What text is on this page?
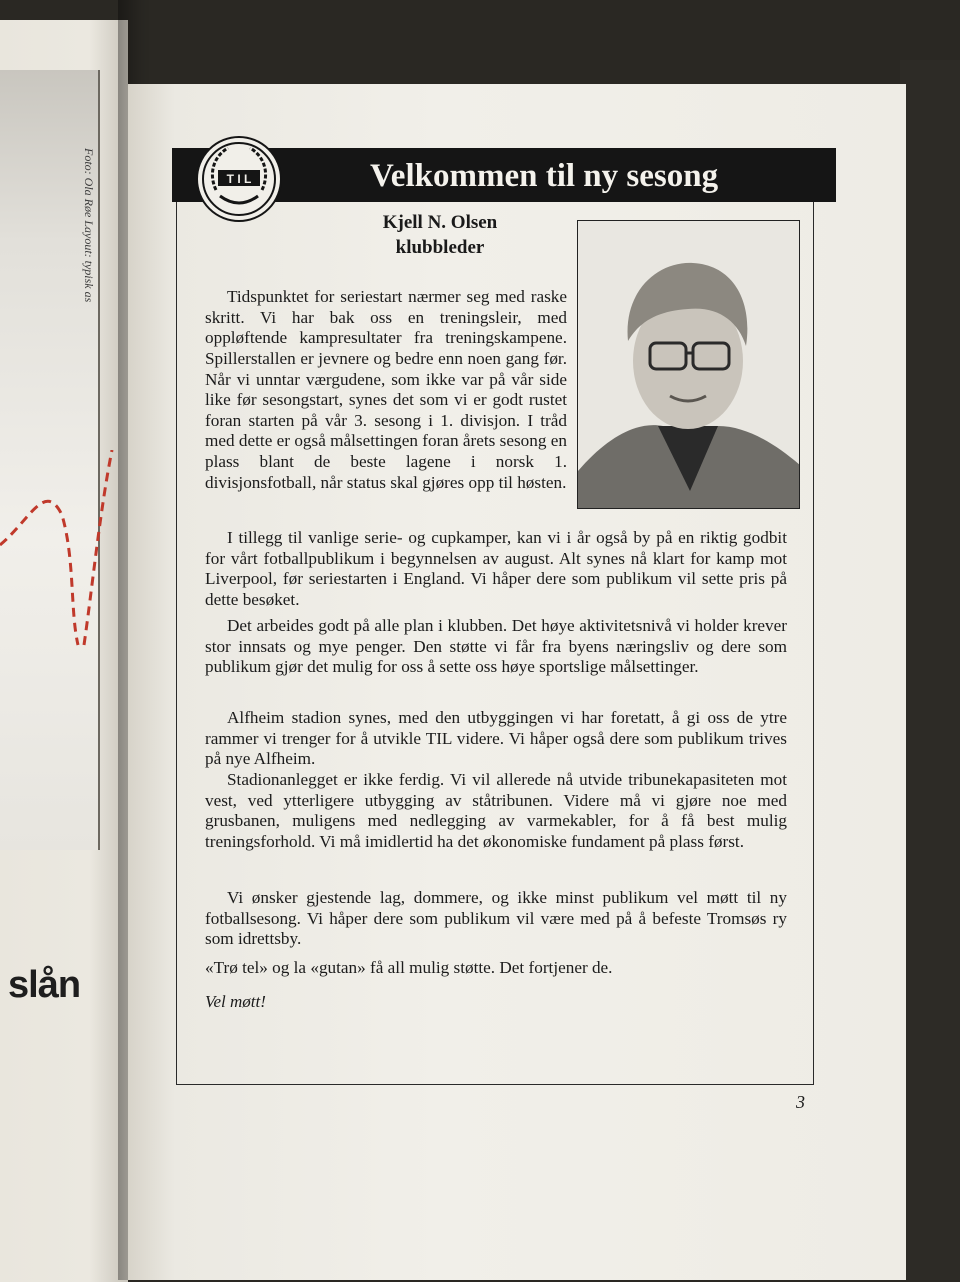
Foto: Ola Røe Layout: typisk as
slån
Velkommen til ny sesong
T I L
Kjell N. Olsen
klubbleder

Tidspunktet for seriestart nærmer seg med raske skritt. Vi har bak oss en treningsleir, med oppløftende kampresultater fra treningskampene. Spillerstallen er jevnere og bedre enn noen gang før. Når vi unntar værgudene, som ikke var på vår side like før sesongstart, synes det som vi er godt rustet foran starten på vår 3. sesong i 1. divisjon. I tråd med dette er også målsettingen foran årets sesong en plass blant de beste lagene i norsk 1. divisjonsfotball, når status skal gjøres opp til høsten.

I tillegg til vanlige serie- og cupkamper, kan vi i år også by på en riktig godbit for vårt fotballpublikum i begynnelsen av august. Alt synes nå klart for kamp mot Liverpool, før seriestarten i England. Vi håper dere som publikum vil sette pris på dette besøket.

Det arbeides godt på alle plan i klubben. Det høye aktivitetsnivå vi holder krever stor innsats og mye penger. Den støtte vi får fra byens næringsliv og dere som publikum gjør det mulig for oss å sette oss høye sportslige målsettinger.

Alfheim stadion synes, med den utbyggingen vi har foretatt, å gi oss de ytre rammer vi trenger for å utvikle TIL videre. Vi håper også dere som publikum trives på nye Alfheim.

Stadionanlegget er ikke ferdig. Vi vil allerede nå utvide tribunekapasiteten mot vest, ved ytterligere utbygging av ståtribunen. Videre må vi gjøre noe med grusbanen, muligens med nedlegging av varmekabler, for å få best mulig treningsforhold. Vi må imidlertid ha det økonomiske fundament på plass først.

Vi ønsker gjestende lag, dommere, og ikke minst publikum vel møtt til ny fotballsesong. Vi håper dere som publikum vil være med på å befeste Tromsøs ry som idrettsby.

«Trø tel» og la «gutan» få all mulig støtte. Det fortjener de.

Vel møtt!
3
